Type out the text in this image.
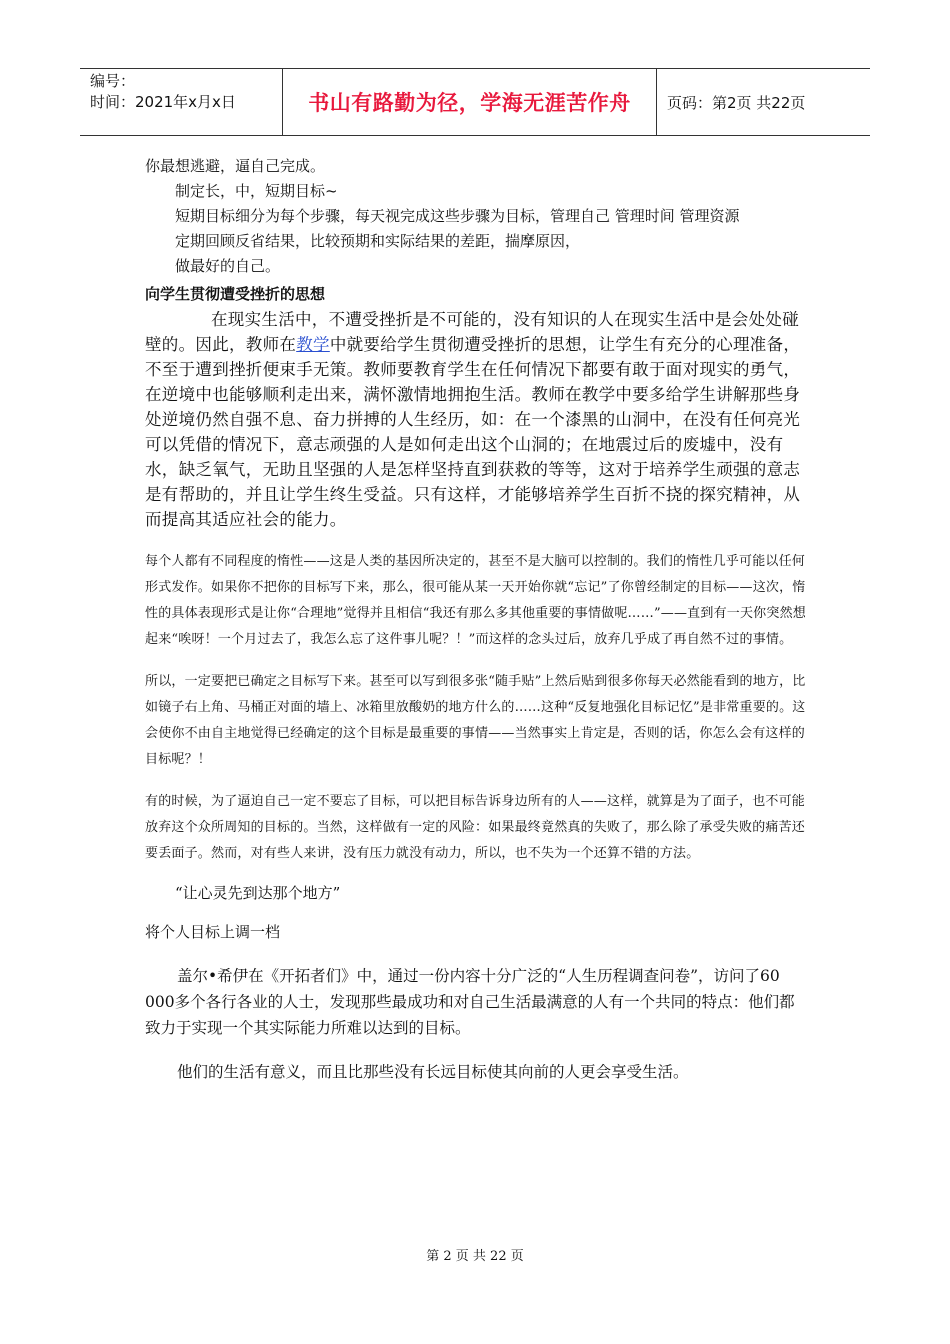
编号：
时间：2021年x月x日	书山有路勤为径，学海无涯苦作舟 页码：第2页 共22页

你最想逃避，逼自己完成。

制定长，中，短期目标~

短期目标细分为每个步骤，每天视完成这些步骤为目标，管理自己 管理时间 管理资源

定期回顾反省结果，比较预期和实际结果的差距，揣摩原因，

做最好的自己。

向学生贯彻遭受挫折的思想

在现实生活中，不遭受挫折是不可能的，没有知识的人在现实生活中是会处处碰壁的。因此，教师在教学中就要给学生贯彻遭受挫折的思想，让学生有充分的心理准备，不至于遭到挫折便束手无策。教师要教育学生在任何情况下都要有敢于面对现实的勇气，在逆境中也能够顺利走出来，满怀激情地拥抱生活。教师在教学中要多给学生讲解那些身处逆境仍然自强不息、奋力拼搏的人生经历，如：在一个漆黑的山洞中，在没有任何亮光可以凭借的情况下，意志顽强的人是如何走出这个山洞的；在地震过后的废墟中，没有水，缺乏氧气，无助且坚强的人是怎样坚持直到获救的等等，这对于培养学生顽强的意志是有帮助的，并且让学生终生受益。只有这样，才能够培养学生百折不挠的探究精神，从而提高其适应社会的能力。

每个人都有不同程度的惰性——这是人类的基因所决定的，甚至不是大脑可以控制的。我们的惰性几乎可能以任何形式发作。如果你不把你的目标写下来，那么，很可能从某一天开始你就“忘记”了你曾经制定的目标——这次，惰性的具体表现形式是让你“合理地”觉得并且相信“我还有那么多其他重要的事情做呢……”——直到有一天你突然想起来“唉呀！一个月过去了，我怎么忘了这件事儿呢？！”而这样的念头过后，放弃几乎成了再自然不过的事情。

所以，一定要把已确定之目标写下来。甚至可以写到很多张“随手贴”上然后贴到很多你每天必然能看到的地方，比如镜子右上角、马桶正对面的墙上、冰箱里放酸奶的地方什么的……这种“反复地强化目标记忆”是非常重要的。这会使你不由自主地觉得已经确定的这个目标是最重要的事情——当然事实上肯定是，否则的话，你怎么会有这样的目标呢？！

有的时候，为了逼迫自己一定不要忘了目标，可以把目标告诉身边所有的人——这样，就算是为了面子，也不可能放弃这个众所周知的目标的。当然，这样做有一定的风险：如果最终竟然真的失败了，那么除了承受失败的痛苦还要丢面子。然而，对有些人来讲，没有压力就没有动力，所以，也不失为一个还算不错的方法。

“让心灵先到达那个地方”

将个人目标上调一档

盖尔•希伊在《开拓者们》中，通过一份内容十分广泛的“人生历程调查问卷”，访问了60 000多个各行各业的人士，发现那些最成功和对自己生活最满意的人有一个共同的特点：他们都致力于实现一个其实际能力所难以达到的目标。

他们的生活有意义，而且比那些没有长远目标使其向前的人更会享受生活。

第 2 页 共 22 页
